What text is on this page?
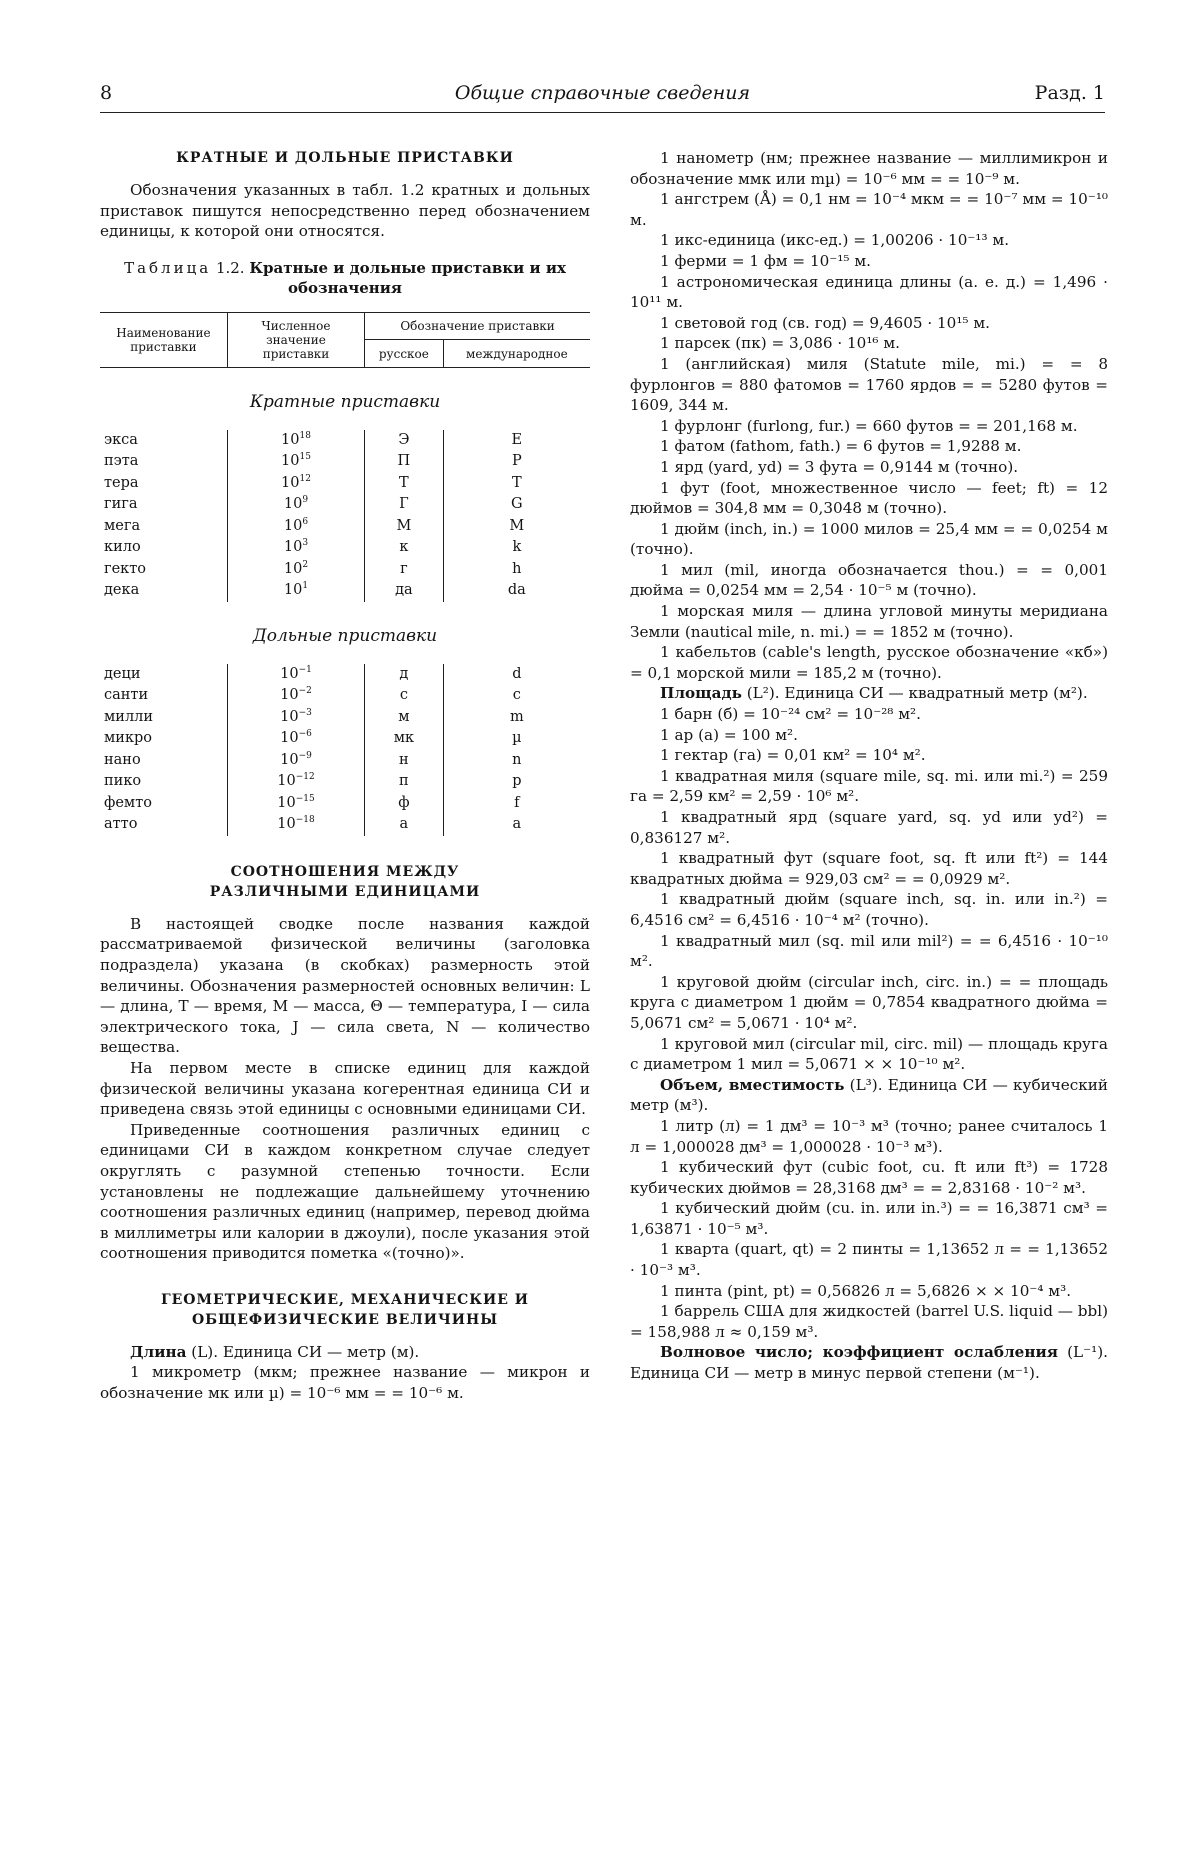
8	Общие справочные сведения	Разд. 1
КРАТНЫЕ И ДОЛЬНЫЕ ПРИСТАВКИ

Обозначения указанных в табл. 1.2 кратных и дольных приставок пишутся непосредственно перед обозначением единицы, к которой они относятся.

Таблица 1.2. Кратные и дольные приставки и их обозначения
Наименование приставки	Численное значение приставки	Обозначение приставки	
		русское	международное
Кратные приставки			
экса	$10^{18}$	Э	E
пэта	$10^{15}$	П	P
тера	$10^{12}$	Т	T
гига	$10^9$	Г	G
мега	$10^6$	М	M
кило	$10^3$	к	k
гекто	$10^2$	г	h
дека	$10^1$	да	da
Дольные приставки			
деци	$10^{-1}$	д	d
санти	$10^{-2}$	с	c
милли	$10^{-3}$	м	m
микро	$10^{-6}$	мк	µ
нано	$10^{-9}$	н	n
пико	$10^{-12}$	п	p
фемто	$10^{-15}$	ф	f
атто	$10^{-18}$	а	a
СООТНОШЕНИЯ МЕЖДУ РАЗЛИЧНЫМИ ЕДИНИЦАМИ

В настоящей сводке после названия каждой рассматриваемой физической величины (заголовка подраздела) указана (в скобках) размерность этой величины. Обозначения размерностей основных величин: L — длина, T — время, M — масса, Θ — температура, I — сила электрического тока, J — сила света, N — количество вещества.

На первом месте в списке единиц для каждой физической величины указана когерентная единица СИ и приведена связь этой единицы с основными единицами СИ.

Приведенные соотношения различных единиц с единицами СИ в каждом конкретном случае следует округлять с разумной степенью точности. Если установлены не подлежащие дальнейшему уточнению соотношения различных единиц (например, перевод дюйма в миллиметры или калории в джоули), после указания этой соотношения приводится пометка «(точно)».

ГЕОМЕТРИЧЕСКИЕ, МЕХАНИЧЕСКИЕ И ОБЩЕФИЗИЧЕСКИЕ ВЕЛИЧИНЫ

Длина (L). Единица СИ — метр (м).

1 микрометр (мкм; прежнее название — микрон и обозначение мк или µ) = 10⁻⁶ мм = = 10⁻⁶ м.

1 нанометр (нм; прежнее название — миллимикрон и обозначение ммк или mµ) = 10⁻⁶ мм = = 10⁻⁹ м.

1 ангстрем (Å) = 0,1 нм = 10⁻⁴ мкм = = 10⁻⁷ мм = 10⁻¹⁰ м.

1 икс-единица (икс-ед.) = 1,00206 · 10⁻¹³ м.

1 ферми = 1 фм = 10⁻¹⁵ м.

1 астрономическая единица длины (а. е. д.) = 1,496 · 10¹¹ м.

1 световой год (св. год) = 9,4605 · 10¹⁵ м.

1 парсек (пк) = 3,086 · 10¹⁶ м.

1 (английская) миля (Statute mile, mi.) = = 8 фурлонгов = 880 фатомов = 1760 ярдов = = 5280 футов = 1609, 344 м.

1 фурлонг (furlong, fur.) = 660 футов = = 201,168 м.

1 фатом (fathom, fath.) = 6 футов = 1,9288 м.

1 ярд (yard, yd) = 3 фута = 0,9144 м (точно).

1 фут (foot, множественное число — feet; ft) = 12 дюймов = 304,8 мм = 0,3048 м (точно).

1 дюйм (inch, in.) = 1000 милов = 25,4 мм = = 0,0254 м (точно).

1 мил (mil, иногда обозначается thou.) = = 0,001 дюйма = 0,0254 мм = 2,54 · 10⁻⁵ м (точно).

1 морская миля — длина угловой минуты меридиана Земли (nautical mile, n. mi.) = = 1852 м (точно).

1 кабельтов (cable's length, русское обозначение «кб») = 0,1 морской мили = 185,2 м (точно).

Площадь (L²). Единица СИ — квадратный метр (м²).

1 барн (б) = 10⁻²⁴ см² = 10⁻²⁸ м².

1 ар (а) = 100 м².

1 гектар (га) = 0,01 км² = 10⁴ м².

1 квадратная миля (square mile, sq. mi. или mi.²) = 259 га = 2,59 км² = 2,59 · 10⁶ м².

1 квадратный ярд (square yard, sq. yd или yd²) = 0,836127 м².

1 квадратный фут (square foot, sq. ft или ft²) = 144 квадратных дюйма = 929,03 см² = = 0,0929 м².

1 квадратный дюйм (square inch, sq. in. или in.²) = 6,4516 см² = 6,4516 · 10⁻⁴ м² (точно).

1 квадратный мил (sq. mil или mil²) = = 6,4516 · 10⁻¹⁰ м².

1 круговой дюйм (circular inch, circ. in.) = = площадь круга с диаметром 1 дюйм = 0,7854 квадратного дюйма = 5,0671 см² = 5,0671 · 10⁴ м².

1 круговой мил (circular mil, circ. mil) — площадь круга с диаметром 1 мил = 5,0671 × × 10⁻¹⁰ м².

Объем, вместимость (L³). Единица СИ — кубический метр (м³).

1 литр (л) = 1 дм³ = 10⁻³ м³ (точно; ранее считалось 1 л = 1,000028 дм³ = 1,000028 · 10⁻³ м³).

1 кубический фут (cubic foot, cu. ft или ft³) = 1728 кубических дюймов = 28,3168 дм³ = = 2,83168 · 10⁻² м³.

1 кубический дюйм (cu. in. или in.³) = = 16,3871 см³ = 1,63871 · 10⁻⁵ м³.

1 кварта (quart, qt) = 2 пинты = 1,13652 л = = 1,13652 · 10⁻³ м³.

1 пинта (pint, pt) = 0,56826 л = 5,6826 × × 10⁻⁴ м³.

1 баррель США для жидкостей (barrel U.S. liquid — bbl) = 158,988 л ≈ 0,159 м³.

Волновое число; коэффициент ослабления (L⁻¹). Единица СИ — метр в минус первой степени (м⁻¹).
